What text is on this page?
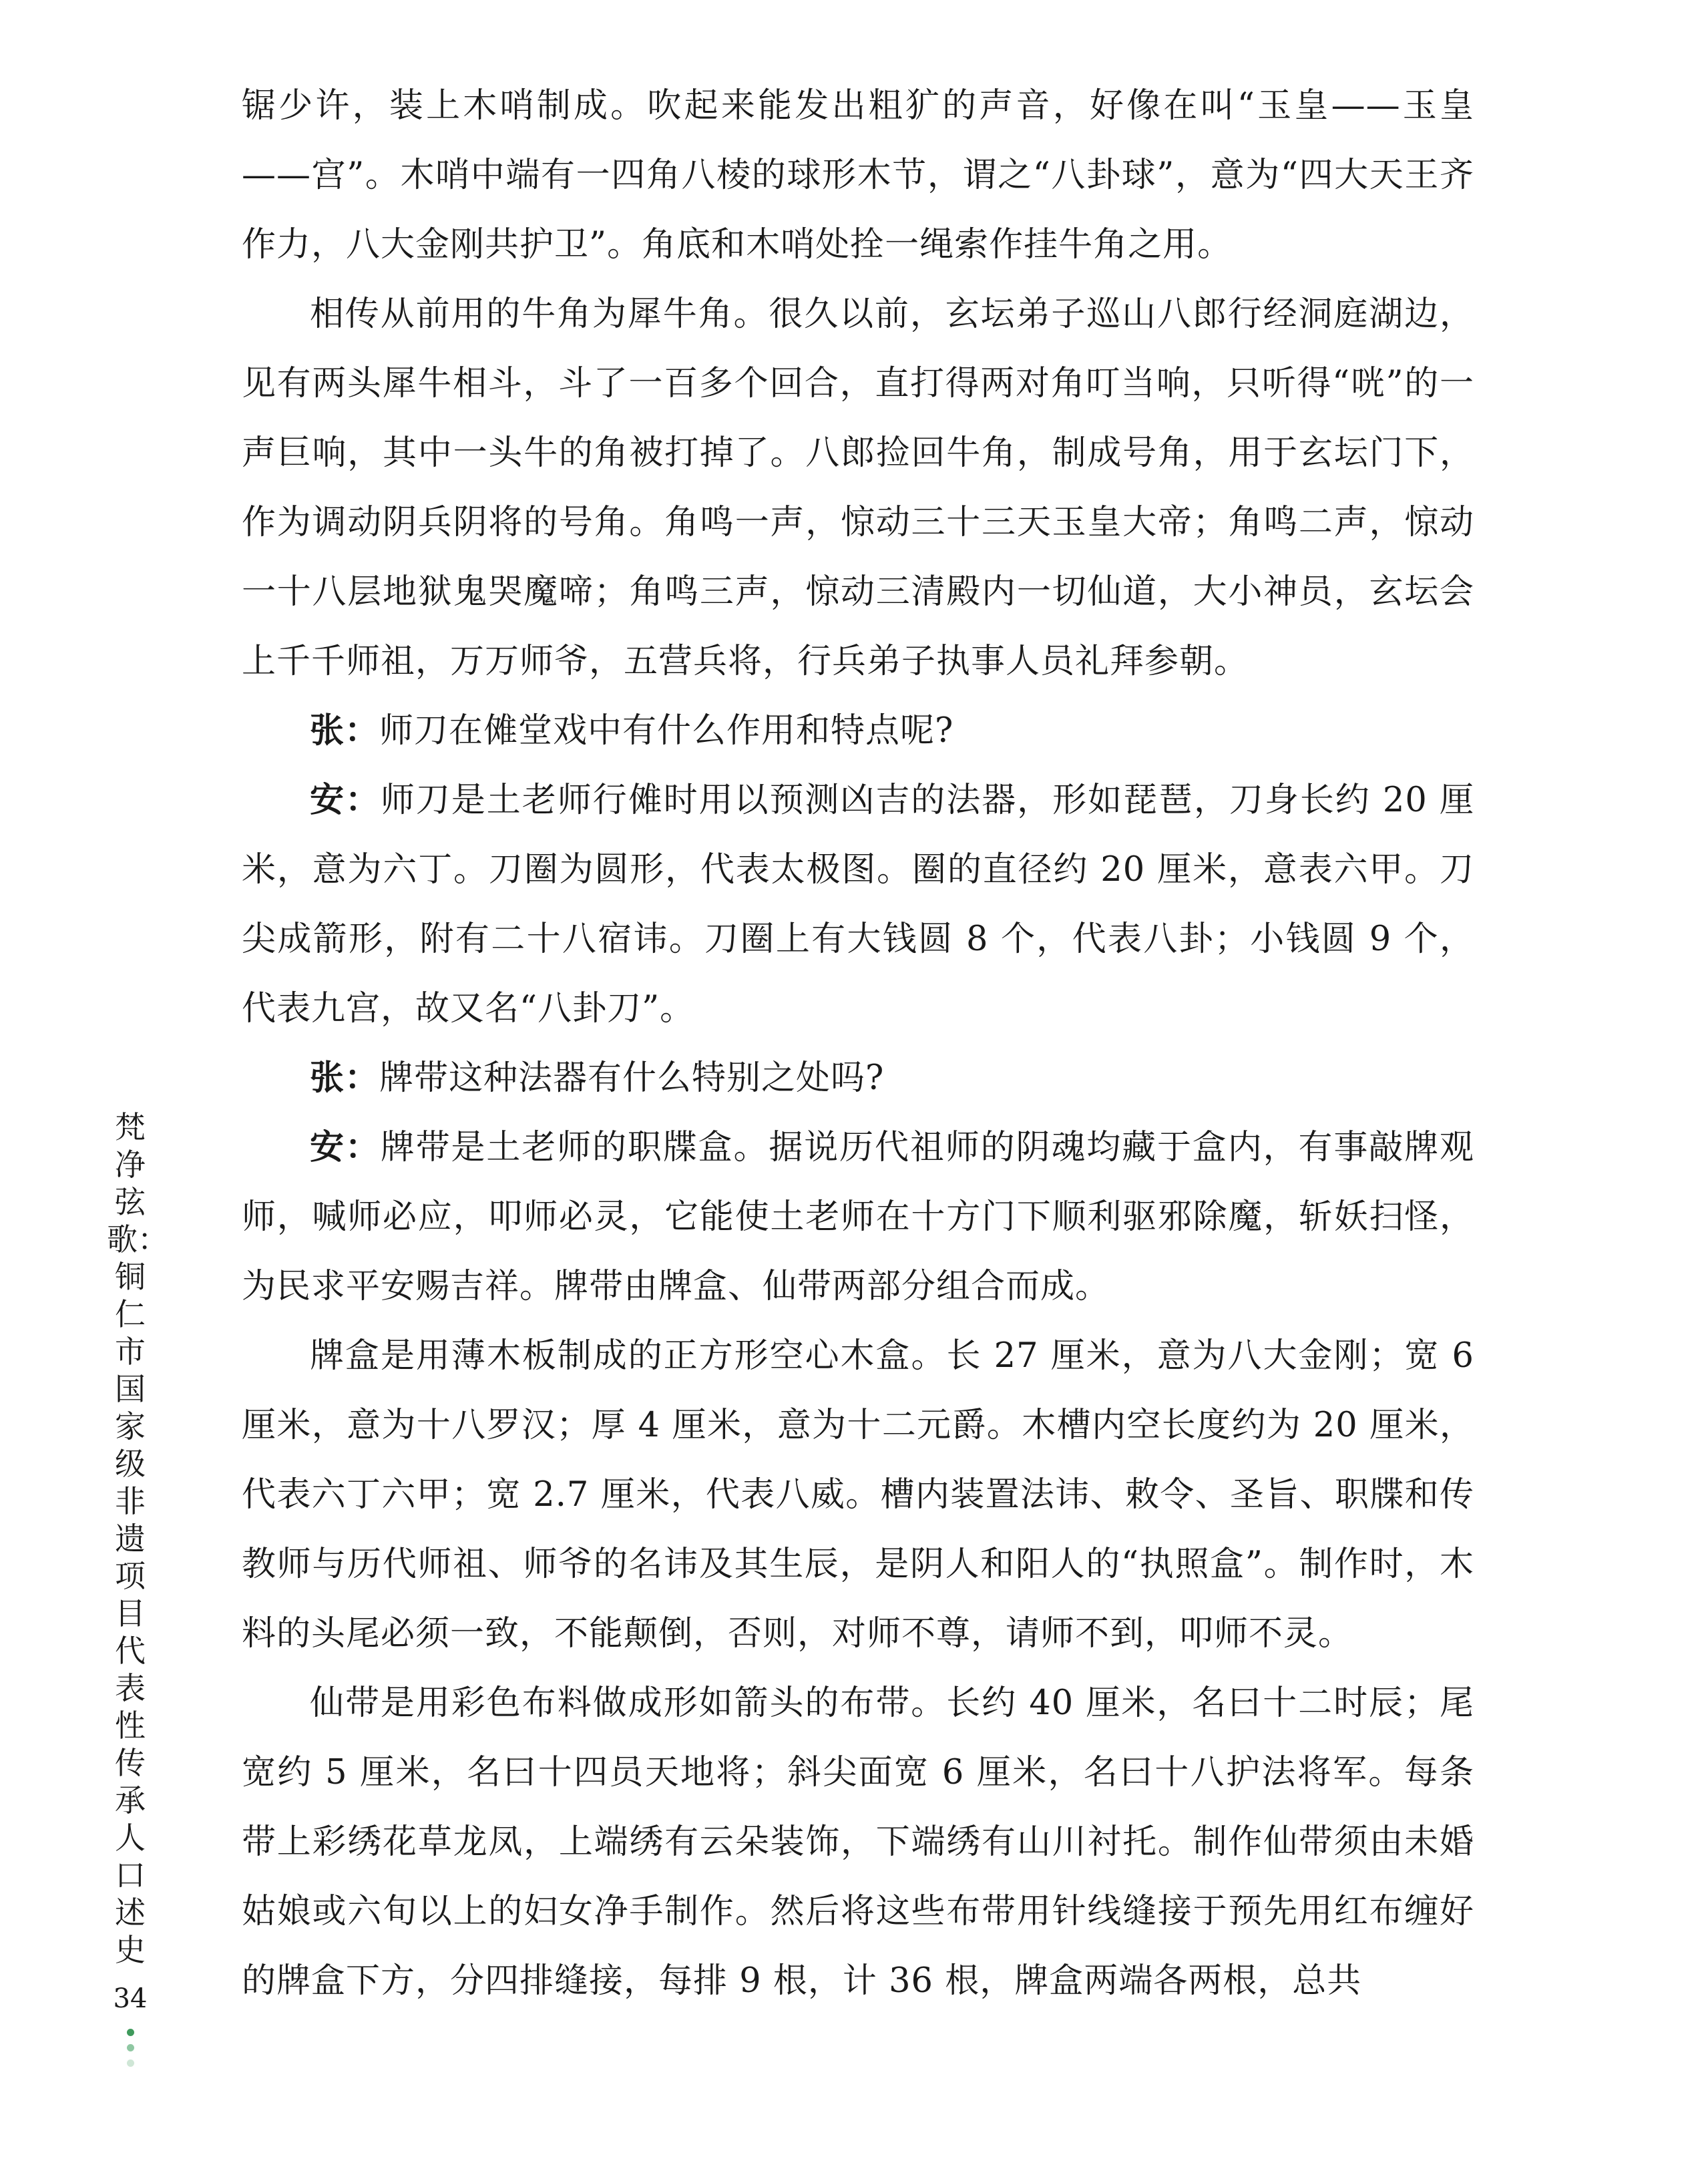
锯少许，装上木哨制成。吹起来能发出粗犷的声音，好像在叫“玉皇——玉皇——宫”。木哨中端有一四角八棱的球形木节，谓之“八卦球”，意为“四大天王齐作力，八大金刚共护卫”。角底和木哨处拴一绳索作挂牛角之用。

相传从前用的牛角为犀牛角。很久以前，玄坛弟子巡山八郎行经洞庭湖边，见有两头犀牛相斗，斗了一百多个回合，直打得两对角叮当响，只听得“咣”的一声巨响，其中一头牛的角被打掉了。八郎捡回牛角，制成号角，用于玄坛门下，作为调动阴兵阴将的号角。角鸣一声，惊动三十三天玉皇大帝；角鸣二声，惊动一十八层地狱鬼哭魔啼；角鸣三声，惊动三清殿内一切仙道，大小神员，玄坛会上千千师祖，万万师爷，五营兵将，行兵弟子执事人员礼拜参朝。

张：师刀在傩堂戏中有什么作用和特点呢?

安：师刀是土老师行傩时用以预测凶吉的法器，形如琵琶，刀身长约 20 厘米，意为六丁。刀圈为圆形，代表太极图。圈的直径约 20 厘米，意表六甲。刀尖成箭形，附有二十八宿讳。刀圈上有大钱圆 8 个，代表八卦；小钱圆 9 个，代表九宫，故又名“八卦刀”。

张：牌带这种法器有什么特别之处吗?

安：牌带是土老师的职牒盒。据说历代祖师的阴魂均藏于盒内，有事敲牌观师，喊师必应，叩师必灵，它能使土老师在十方门下顺利驱邪除魔，斩妖扫怪，为民求平安赐吉祥。牌带由牌盒、仙带两部分组合而成。

牌盒是用薄木板制成的正方形空心木盒。长 27 厘米，意为八大金刚；宽 6 厘米，意为十八罗汉；厚 4 厘米，意为十二元爵。木槽内空长度约为 20 厘米，代表六丁六甲；宽 2.7 厘米，代表八威。槽内装置法讳、敕令、圣旨、职牒和传教师与历代师祖、师爷的名讳及其生辰，是阴人和阳人的“执照盒”。制作时，木料的头尾必须一致，不能颠倒，否则，对师不尊，请师不到，叩师不灵。

仙带是用彩色布料做成形如箭头的布带。长约 40 厘米，名曰十二时辰；尾宽约 5 厘米，名曰十四员天地将；斜尖面宽 6 厘米，名曰十八护法将军。每条带上彩绣花草龙凤，上端绣有云朵装饰，下端绣有山川衬托。制作仙带须由未婚姑娘或六旬以上的妇女净手制作。然后将这些布带用针线缝接于预先用红布缠好的牌盒下方，分四排缝接，每排 9 根，计 36 根，牌盒两端各两根，总共

梵净弦歌：铜仁市国家级非遗项目代表性传承人口述史
34
